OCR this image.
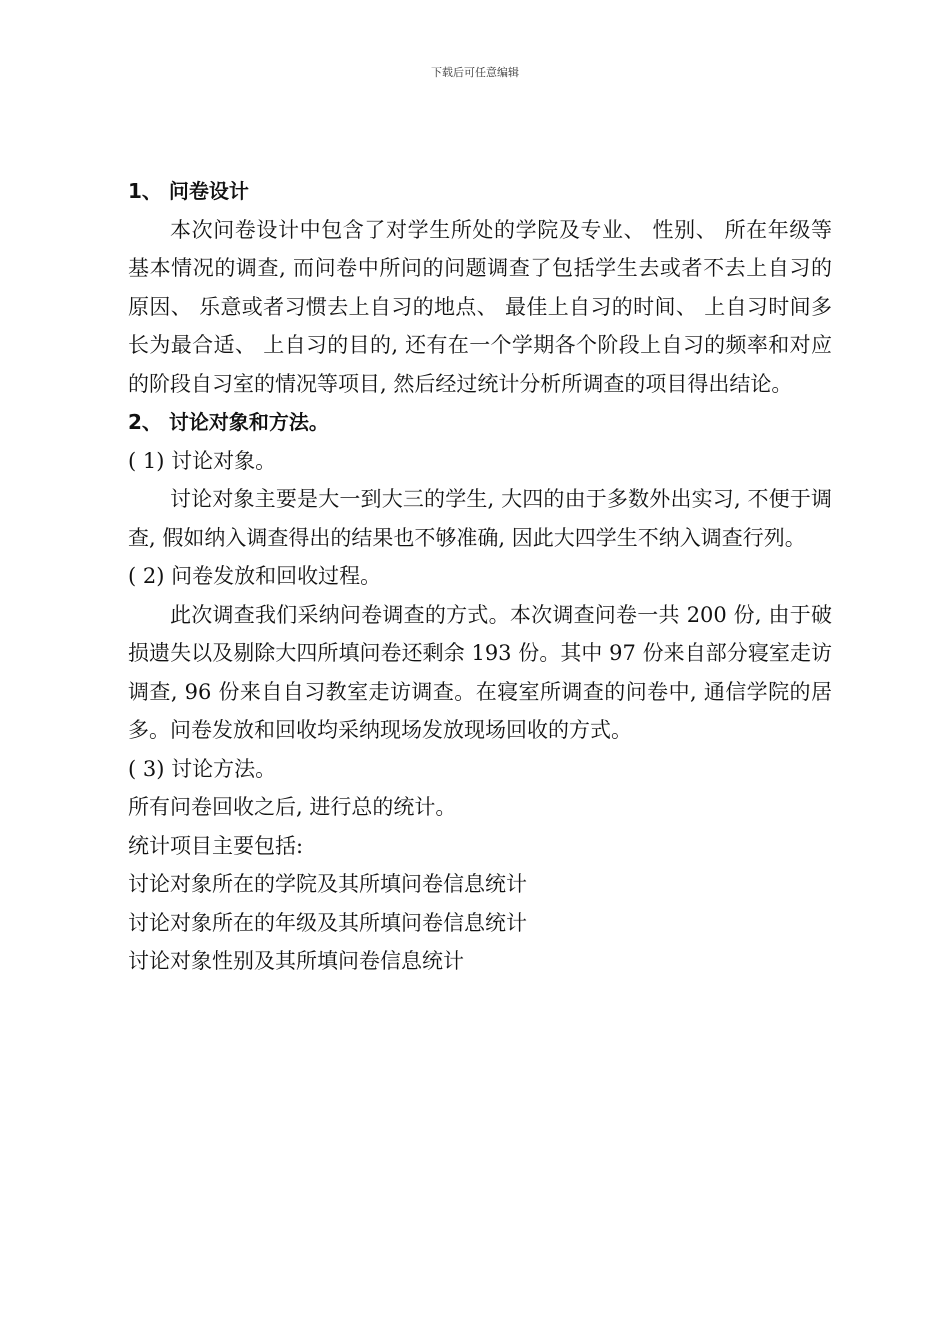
下载后可任意编辑

1、 问卷设计

本次问卷设计中包含了对学生所处的学院及专业、 性别、 所在年级等基本情况的调查, 而问卷中所问的问题调查了包括学生去或者不去上自习的原因、 乐意或者习惯去上自习的地点、 最佳上自习的时间、 上自习时间多长为最合适、 上自习的目的, 还有在一个学期各个阶段上自习的频率和对应的阶段自习室的情况等项目, 然后经过统计分析所调查的项目得出结论。

2、 讨论对象和方法。

( 1) 讨论对象。

讨论对象主要是大一到大三的学生, 大四的由于多数外出实习, 不便于调查, 假如纳入调查得出的结果也不够准确, 因此大四学生不纳入调查行列。

( 2) 问卷发放和回收过程。

此次调查我们采纳问卷调查的方式。本次调查问卷一共 200 份, 由于破损遗失以及剔除大四所填问卷还剩余 193 份。其中 97 份来自部分寝室走访调查, 96 份来自自习教室走访调查。在寝室所调查的问卷中, 通信学院的居多。问卷发放和回收均采纳现场发放现场回收的方式。

( 3) 讨论方法。

所有问卷回收之后, 进行总的统计。

统计项目主要包括:

讨论对象所在的学院及其所填问卷信息统计

讨论对象所在的年级及其所填问卷信息统计

讨论对象性别及其所填问卷信息统计
